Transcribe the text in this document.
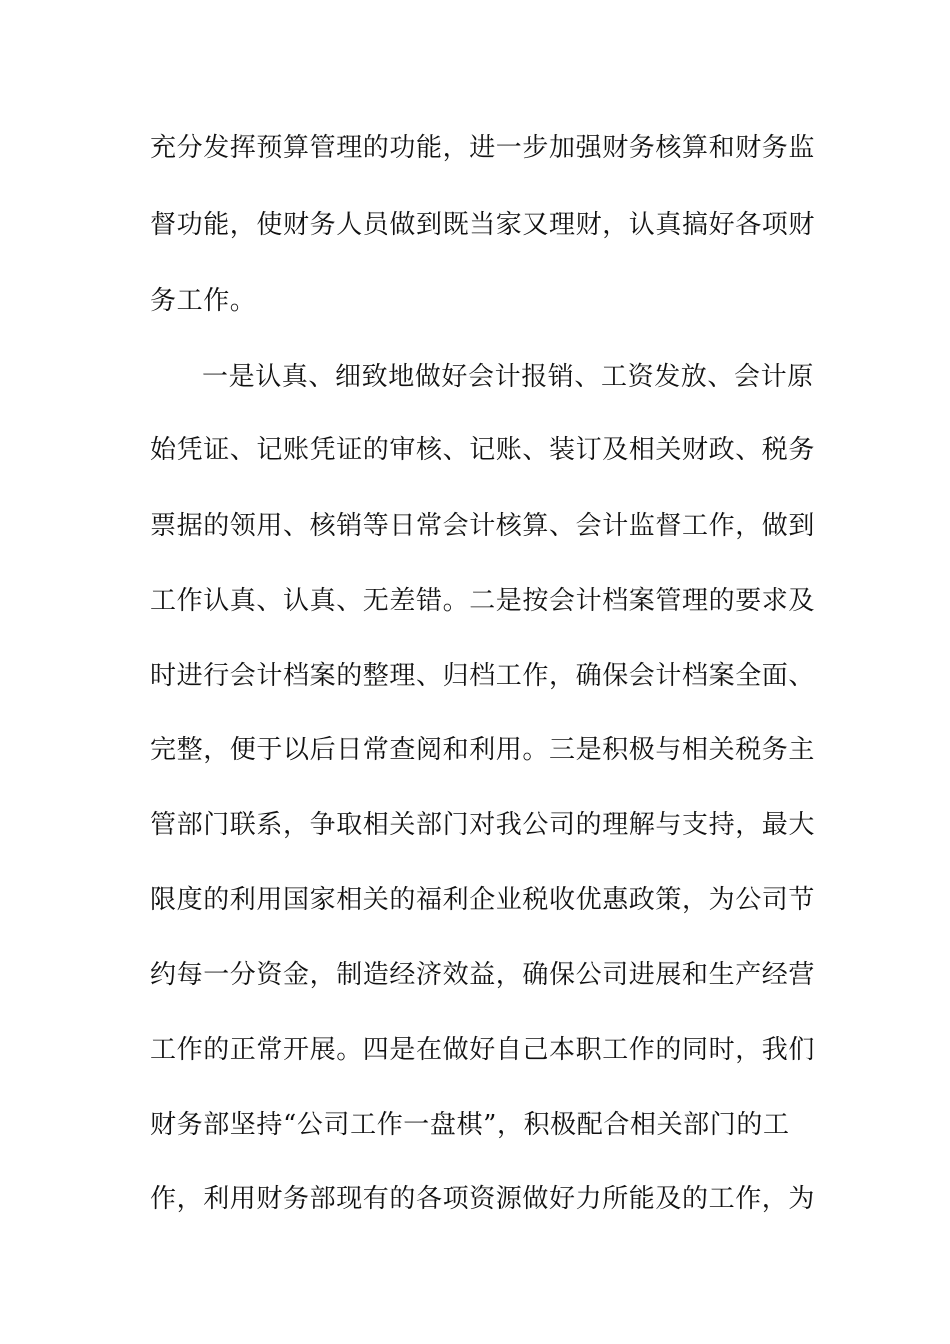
充分发挥预算管理的功能，进一步加强财务核算和财务监
督功能，使财务人员做到既当家又理财，认真搞好各项财
务工作。
一是认真、细致地做好会计报销、工资发放、会计原
始凭证、记账凭证的审核、记账、装订及相关财政、税务
票据的领用、核销等日常会计核算、会计监督工作，做到
工作认真、认真、无差错。二是按会计档案管理的要求及
时进行会计档案的整理、归档工作，确保会计档案全面、
完整，便于以后日常查阅和利用。三是积极与相关税务主
管部门联系，争取相关部门对我公司的理解与支持，最大
限度的利用国家相关的福利企业税收优惠政策，为公司节
约每一分资金，制造经济效益，确保公司进展和生产经营
工作的正常开展。四是在做好自己本职工作的同时，我们
财务部坚持“公司工作一盘棋”，积极配合相关部门的工
作，利用财务部现有的各项资源做好力所能及的工作，为
